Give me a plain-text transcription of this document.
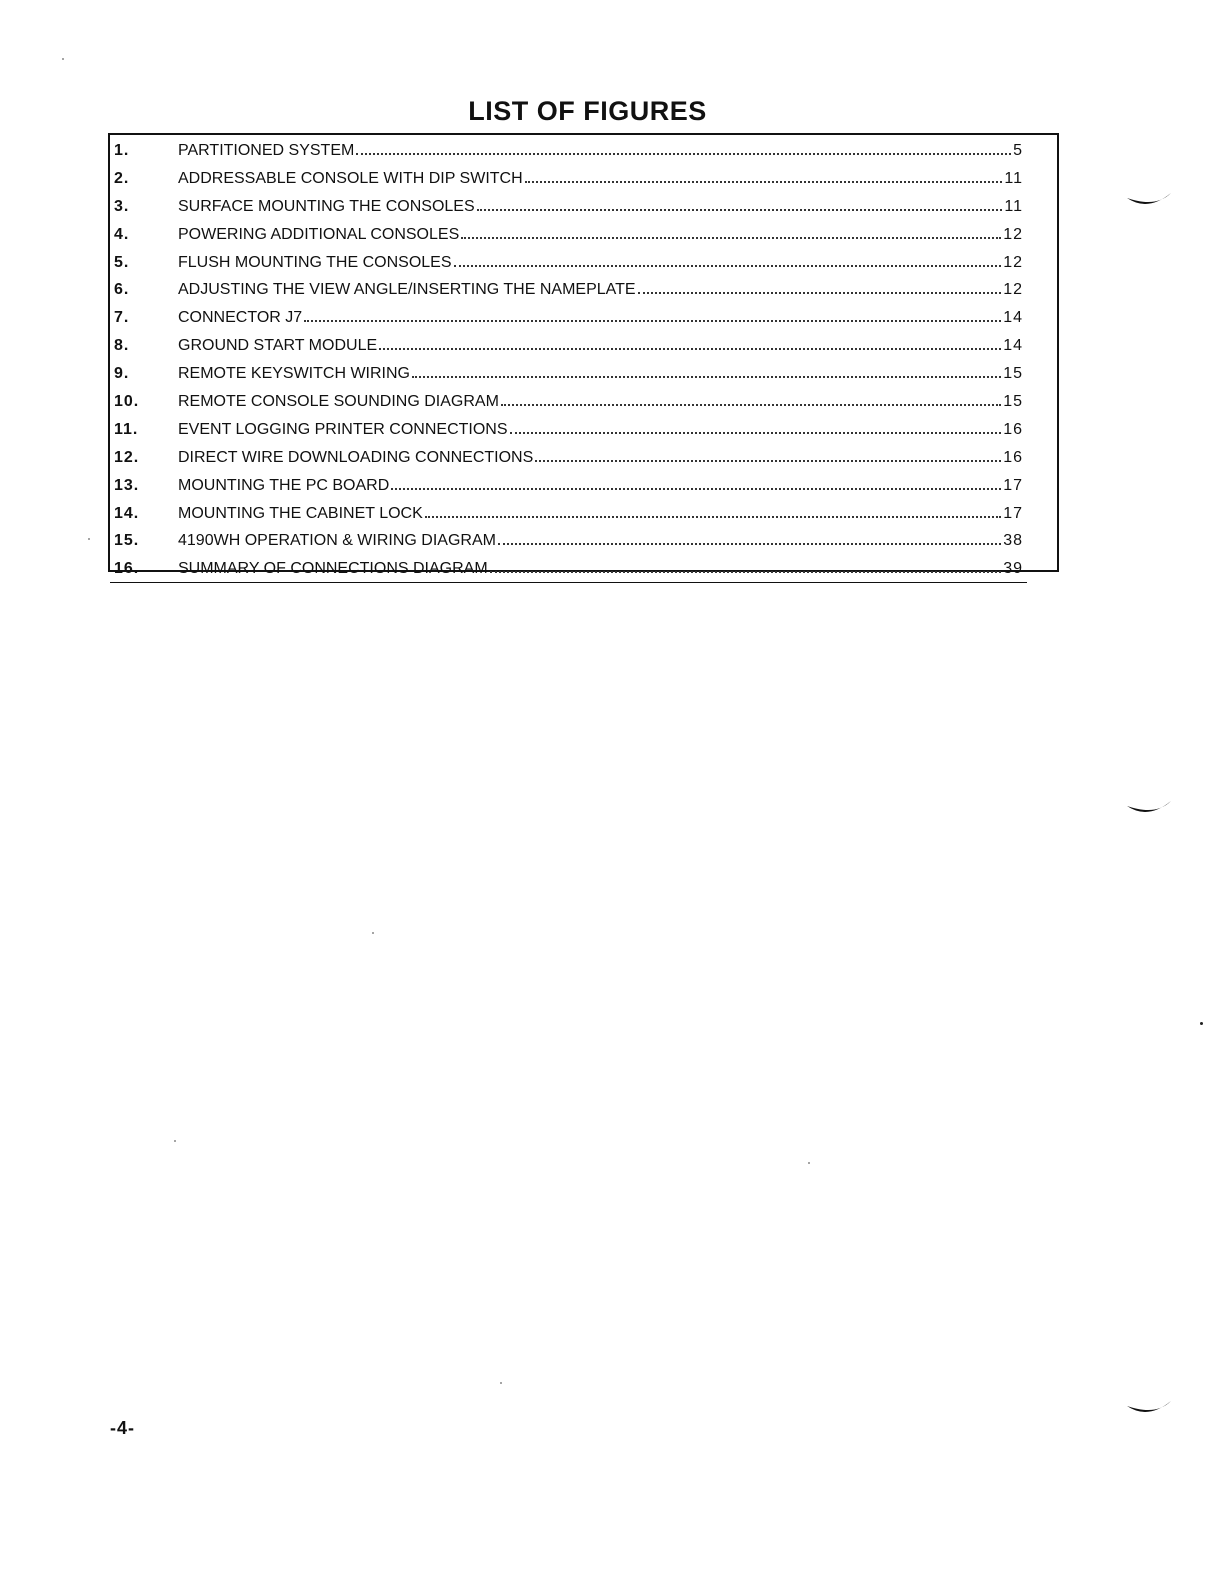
LIST OF FIGURES
1.	PARTITIONED SYSTEM	5
2.	ADDRESSABLE CONSOLE WITH DIP SWITCH	11
3.	SURFACE MOUNTING THE CONSOLES	11
4.	POWERING ADDITIONAL CONSOLES	12
5.	FLUSH MOUNTING THE CONSOLES	12
6.	ADJUSTING THE VIEW ANGLE/INSERTING THE NAMEPLATE	12
7.	CONNECTOR J7	14
8.	GROUND START MODULE	14
9.	REMOTE KEYSWITCH WIRING	15
10.	REMOTE CONSOLE SOUNDING DIAGRAM	15
11.	EVENT LOGGING PRINTER CONNECTIONS	16
12.	DIRECT WIRE DOWNLOADING CONNECTIONS	16
13.	MOUNTING THE PC BOARD	17
14.	MOUNTING THE CABINET LOCK	17
15.	4190WH OPERATION & WIRING DIAGRAM	38
16.	SUMMARY OF CONNECTIONS DIAGRAM	39
-4-
